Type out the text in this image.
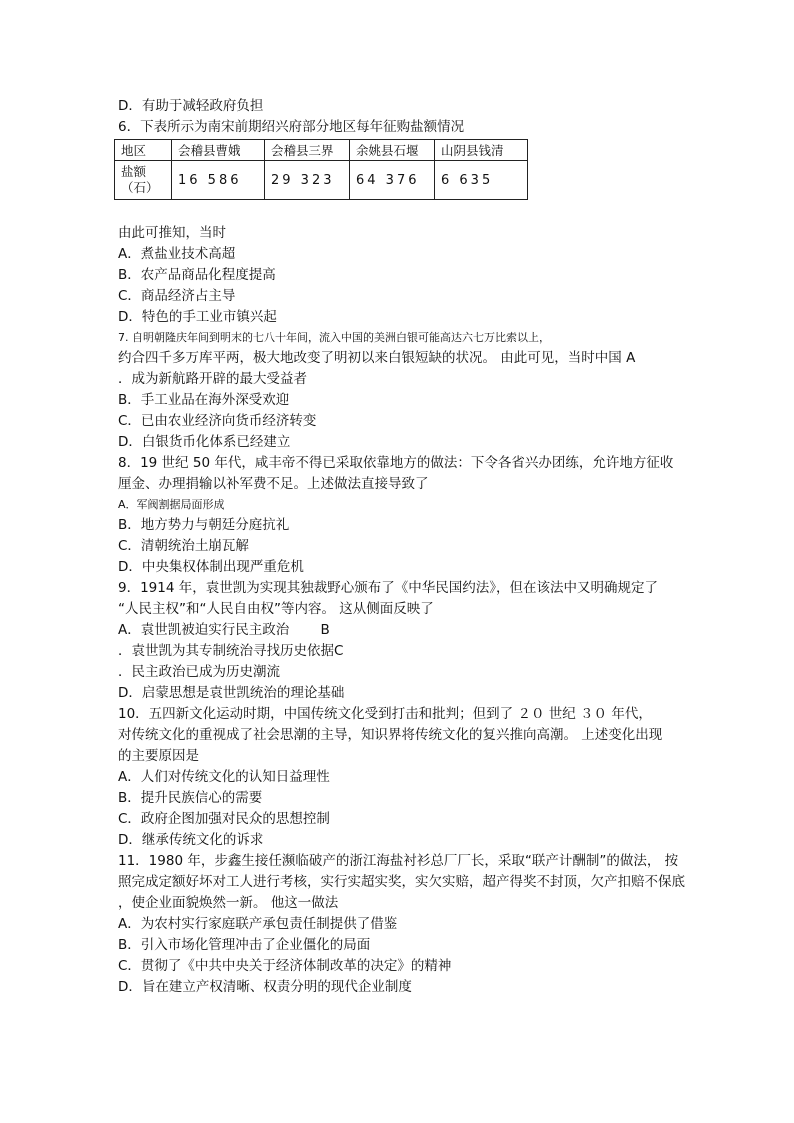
D．有助于减轻政府负担
6．下表所示为南宋前期绍兴府部分地区每年征购盐额情况
地区	会稽县曹娥	会稽县三界	余姚县石堰	山阴县钱清

盐额
（石）	16 586	29 323	64 376	6 635
由此可推知，当时
A．煮盐业技术高超
B．农产品商品化程度提高
C．商品经济占主导
D．特色的手工业市镇兴起
7. 自明朝隆庆年间到明末的七八十年间，流入中国的美洲白银可能高达六七万比索以上，
约合四千多万库平两，极大地改变了明初以来白银短缺的状况。 由此可见，当时中国 A
．成为新航路开辟的最大受益者
B．手工业品在海外深受欢迎
C．已由农业经济向货币经济转变
D．白银货币化体系已经建立
8．19 世纪 50 年代，咸丰帝不得已采取依靠地方的做法：下令各省兴办团练，允许地方征收
厘金、办理捐输以补军费不足。上述做法直接导致了
A．军阀割据局面形成
B．地方势力与朝廷分庭抗礼
C．清朝统治土崩瓦解
D．中央集权体制出现严重危机
9．1914 年，袁世凯为实现其独裁野心颁布了《中华民国约法》，但在该法中又明确规定了
“人民主权”和“人民自由权”等内容。 这从侧面反映了
A．袁世凯被迫实行民主政治　　 B
．袁世凯为其专制统治寻找历史依据C
．民主政治已成为历史潮流
D．启蒙思想是袁世凯统治的理论基础
10．五四新文化运动时期，中国传统文化受到打击和批判；但到了 ２０ 世纪 ３０ 年代，
对传统文化的重视成了社会思潮的主导，知识界将传统文化的复兴推向高潮。 上述变化出现
的主要原因是
A．人们对传统文化的认知日益理性
B．提升民族信心的需要
C．政府企图加强对民众的思想控制
D．继承传统文化的诉求
11．1980 年，步鑫生接任濒临破产的浙江海盐衬衫总厂厂长，采取“联产计酬制”的做法， 按
照完成定额好坏对工人进行考核，实行实超实奖，实欠实赔，超产得奖不封顶，欠产扣赔不保底
，使企业面貌焕然一新。 他这一做法
A．为农村实行家庭联产承包责任制提供了借鉴
B．引入市场化管理冲击了企业僵化的局面
C．贯彻了《中共中央关于经济体制改革的决定》的精神
D．旨在建立产权清晰、权责分明的现代企业制度
